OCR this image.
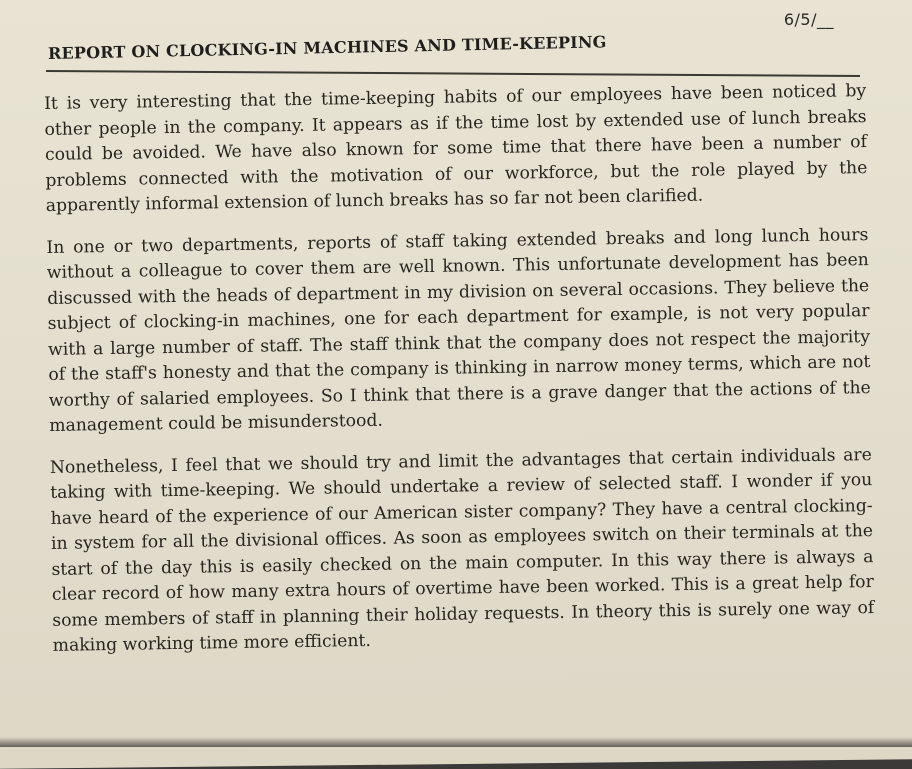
6/5/__
REPORT ON CLOCKING-IN MACHINES AND TIME-KEEPING

It is very interesting that the time-keeping habits of our employees have been noticed by other people in the company. It appears as if the time lost by extended use of lunch breaks could be avoided. We have also known for some time that there have been a number of problems connected with the motivation of our workforce, but the role played by the apparently informal extension of lunch breaks has so far not been clarified.

In one or two departments, reports of staff taking extended breaks and long lunch hours without a colleague to cover them are well known. This unfortunate development has been discussed with the heads of department in my division on several occasions. They believe the subject of clocking-in machines, one for each department for example, is not very popular with a large number of staff. The staff think that the company does not respect the majority of the staff's honesty and that the company is thinking in narrow money terms, which are not worthy of salaried employees. So I think that there is a grave danger that the actions of the management could be misunderstood.

Nonetheless, I feel that we should try and limit the advantages that certain individuals are taking with time-keeping. We should undertake a review of selected staff. I wonder if you have heard of the experience of our American sister company? They have a central clocking-in system for all the divisional offices. As soon as employees switch on their terminals at the start of the day this is easily checked on the main computer. In this way there is always a clear record of how many extra hours of overtime have been worked. This is a great help for some members of staff in planning their holiday requests. In theory this is surely one way of making working time more efficient.
